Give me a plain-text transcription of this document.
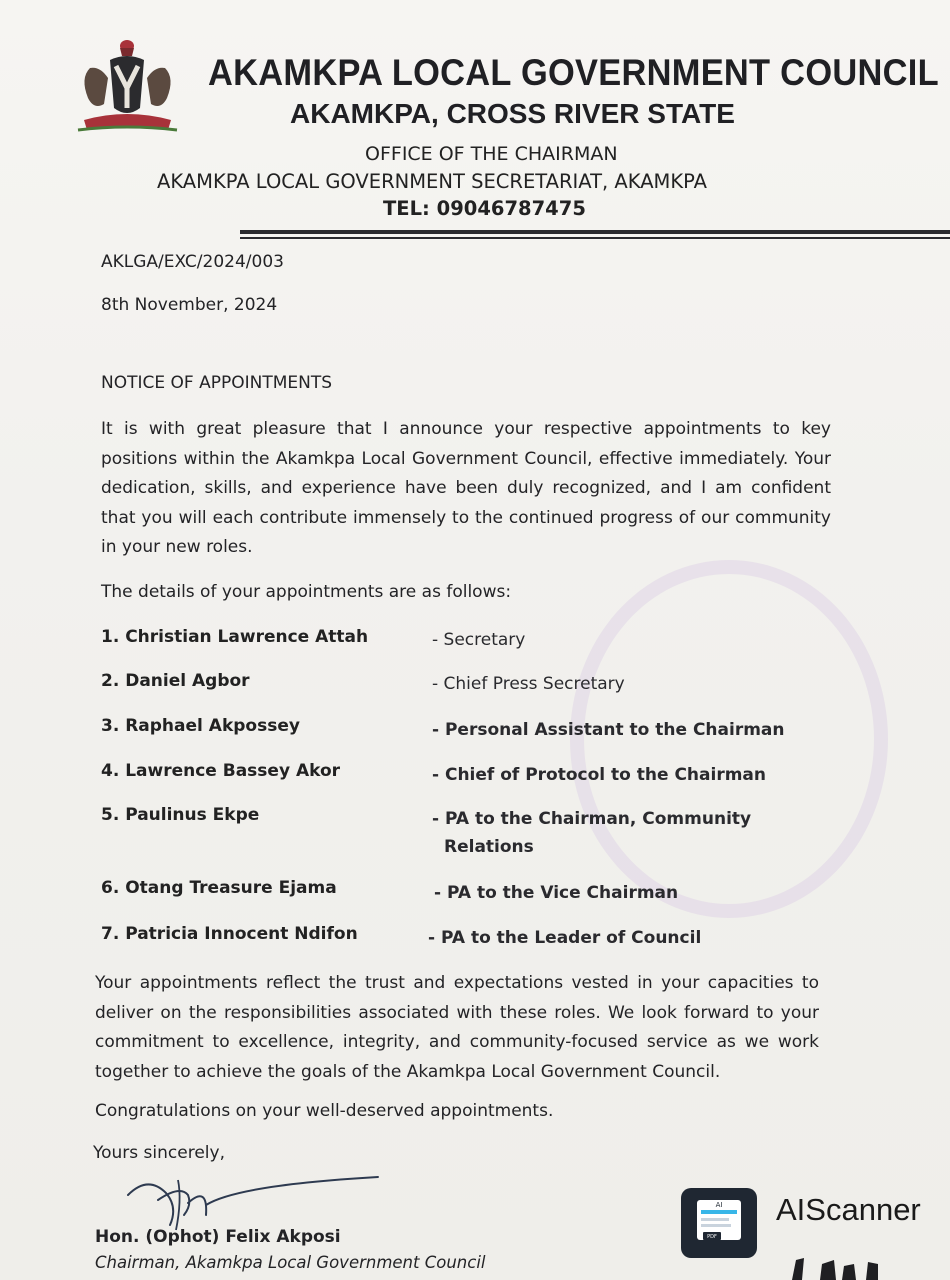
AKAMKPA LOCAL GOVERNMENT COUNCIL
AKAMKPA, CROSS RIVER STATE
OFFICE OF THE CHAIRMAN
AKAMKPA LOCAL GOVERNMENT SECRETARIAT, AKAMKPA
TEL: 09046787475
AKLGA/EXC/2024/003
8th November, 2024
NOTICE OF APPOINTMENTS
It is with great pleasure that I announce your respective appointments to key positions within the Akamkpa Local Government Council, effective immediately. Your dedication, skills, and experience have been duly recognized, and I am confident that you will each contribute immensely to the continued progress of our community in your new roles.
The details of your appointments are as follows:
1. Christian Lawrence Attah	- Secretary
2. Daniel Agbor	- Chief Press Secretary
3. Raphael Akpossey	- Personal Assistant to the Chairman
4. Lawrence Bassey Akor	- Chief of Protocol to the Chairman
5. Paulinus Ekpe	- PA to the Chairman, Community
Relations
6. Otang Treasure Ejama	- PA to the Vice Chairman
7. Patricia Innocent Ndifon	- PA to the Leader of Council
Your appointments reflect the trust and expectations vested in your capacities to deliver on the responsibilities associated with these roles. We look forward to your commitment to excellence, integrity, and community-focused service as we work together to achieve the goals of the Akamkpa Local Government Council.
Congratulations on your well-deserved appointments.
Yours sincerely,
Hon. (Ophot) Felix Akposi
Chairman, Akamkpa Local Government Council
AI
PDF
AIScanner
